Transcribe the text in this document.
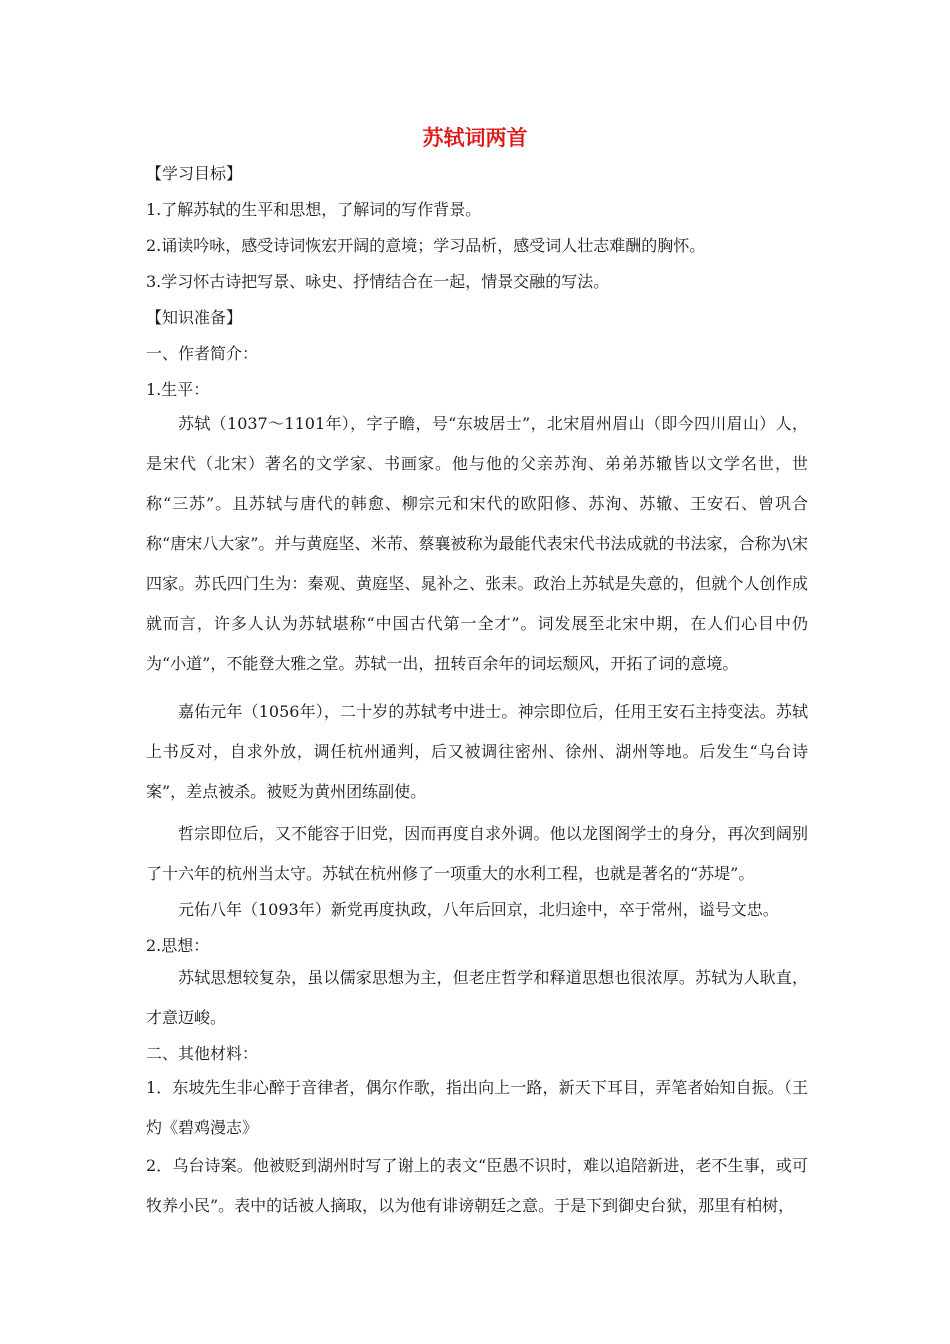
苏轼词两首
【学习目标】
1.了解苏轼的生平和思想，了解词的写作背景。
2.诵读吟咏，感受诗词恢宏开阔的意境；学习品析，感受词人壮志难酬的胸怀。
3.学习怀古诗把写景、咏史、抒情结合在一起，情景交融的写法。
【知识准备】
一、作者简介：
1.生平：
苏轼（1037～1101年），字子瞻，号“东坡居士”，北宋眉州眉山（即今四川眉山）人，是宋代（北宋）著名的文学家、书画家。他与他的父亲苏洵、弟弟苏辙皆以文学名世，世称“三苏”。且苏轼与唐代的韩愈、柳宗元和宋代的欧阳修、苏洵、苏辙、王安石、曾巩合称“唐宋八大家”。并与黄庭坚、米芾、蔡襄被称为最能代表宋代书法成就的书法家，合称为\宋四家。苏氏四门生为：秦观、黄庭坚、晁补之、张耒。政治上苏轼是失意的，但就个人创作成就而言，许多人认为苏轼堪称“中国古代第一全才”。词发展至北宋中期，在人们心目中仍为“小道”，不能登大雅之堂。苏轼一出，扭转百余年的词坛颓风，开拓了词的意境。
嘉佑元年（1056年），二十岁的苏轼考中进士。神宗即位后，任用王安石主持变法。苏轼上书反对，自求外放，调任杭州通判，后又被调往密州、徐州、湖州等地。后发生“乌台诗案”，差点被杀。被贬为黄州团练副使。
哲宗即位后，又不能容于旧党，因而再度自求外调。他以龙图阁学士的身分，再次到阔别了十六年的杭州当太守。苏轼在杭州修了一项重大的水利工程，也就是著名的“苏堤”。
元佑八年（1093年）新党再度执政，八年后回京，北归途中，卒于常州，谥号文忠。
2.思想：
苏轼思想较复杂，虽以儒家思想为主，但老庄哲学和释道思想也很浓厚。苏轼为人耿直，才意迈峻。
二、其他材料：
1．东坡先生非心醉于音律者，偶尔作歌，指出向上一路，新天下耳目，弄笔者始知自振。（王灼《碧鸡漫志》
2．乌台诗案。他被贬到湖州时写了谢上的表文“臣愚不识时，难以追陪新进，老不生事，或可牧养小民”。表中的话被人摘取，以为他有诽谤朝廷之意。于是下到御史台狱，那里有柏树，
